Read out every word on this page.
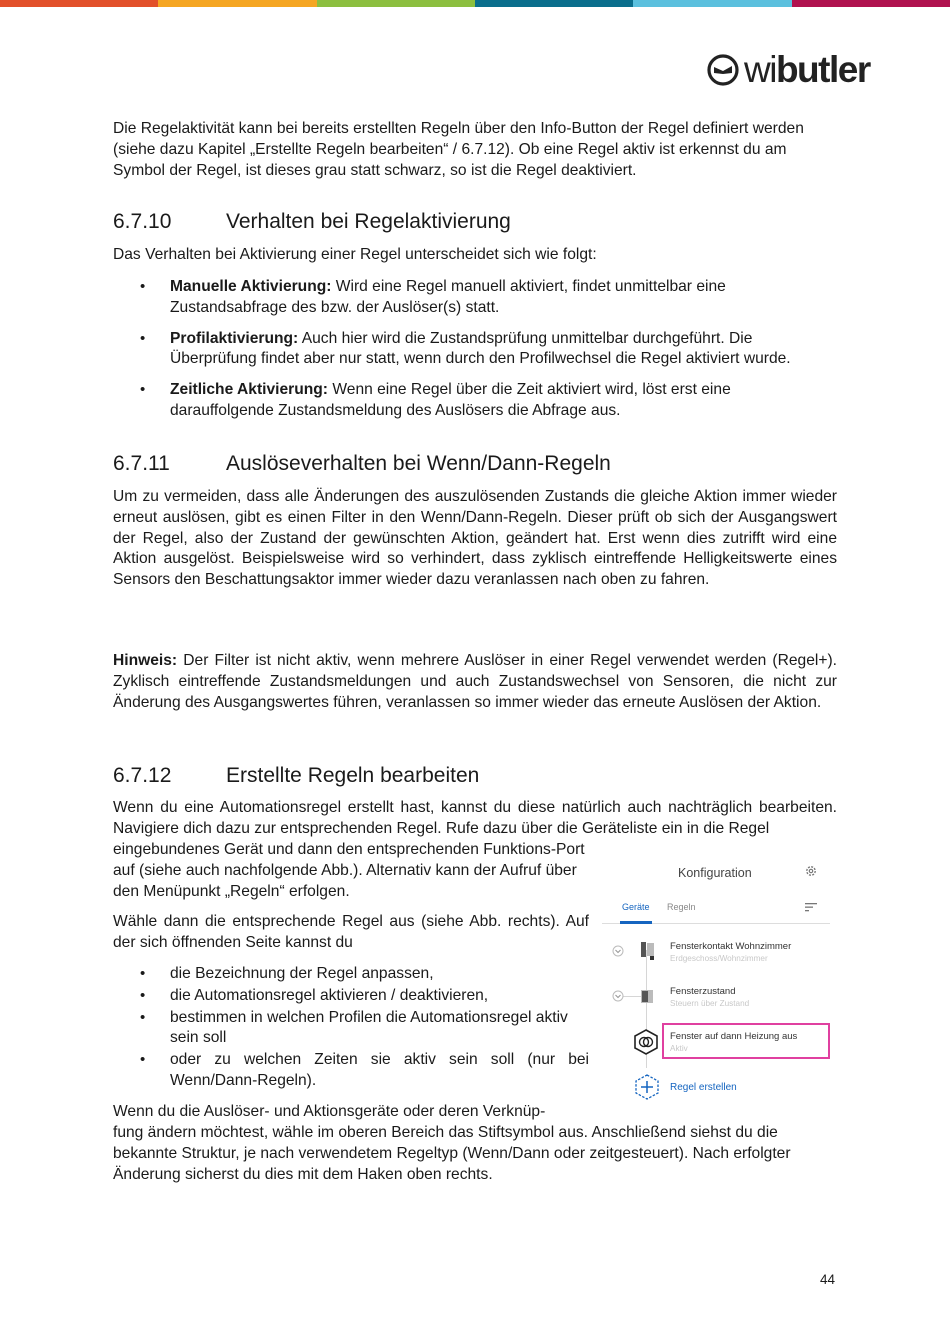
wibutler

Die Regelaktivität kann bei bereits erstellten Regeln über den Info-Button der Regel definiert werden (siehe dazu Kapitel „Erstellte Regeln bearbeiten“ / 6.7.12). Ob eine Regel aktiv ist erkennst du am Symbol der Regel, ist dieses grau statt schwarz, so ist die Regel deaktiviert.

6.7.10	Verhalten bei Regelaktivierung

Das Verhalten bei Aktivierung einer Regel unterscheidet sich wie folgt:

• Manuelle Aktivierung: Wird eine Regel manuell aktiviert, findet unmittelbar eine Zustandsabfrage des bzw. der Auslöser(s) statt.
• Profilaktivierung: Auch hier wird die Zustandsprüfung unmittelbar durchgeführt. Die Überprüfung findet aber nur statt, wenn durch den Profilwechsel die Regel aktiviert wurde.
• Zeitliche Aktivierung: Wenn eine Regel über die Zeit aktiviert wird, löst erst eine darauffolgende Zustandsmeldung des Auslösers die Abfrage aus.
6.7.11	Auslöseverhalten bei Wenn/Dann-Regeln

Um zu vermeiden, dass alle Änderungen des auszulösenden Zustands die gleiche Aktion immer wieder erneut auslösen, gibt es einen Filter in den Wenn/Dann-Regeln. Dieser prüft ob sich der Ausgangswert der Regel, also der Zustand der gewünschten Aktion, geändert hat. Erst wenn dies zutrifft wird eine Aktion ausgelöst. Beispielsweise wird so verhindert, dass zyklisch eintreffende Helligkeitswerte eines Sensors den Beschattungsaktor immer wieder dazu veranlassen nach oben zu fahren.

Hinweis: Der Filter ist nicht aktiv, wenn mehrere Auslöser in einer Regel verwendet werden (Regel+). Zyklisch eintreffende Zustandsmeldungen und auch Zustandswechsel von Sensoren, die nicht zur Änderung des Ausgangswertes führen, veranlassen so immer wieder das erneute Auslösen der Aktion.

6.7.12	Erstellte Regeln bearbeiten

Wenn du eine Automationsregel erstellt hast, kannst du diese natürlich auch nachträglich bearbeiten. Navigiere dich dazu zur entsprechenden Regel. Rufe dazu über die Geräteliste ein in die Regel

eingebundenes Gerät und dann den entsprechenden Funktions-Port auf (siehe auch nachfolgende Abb.). Alternativ kann der Aufruf über den Menüpunkt „Regeln“ erfolgen.

Wähle dann die entsprechende Regel aus (siehe Abb. rechts). Auf der sich öffnenden Seite kannst du

• die Bezeichnung der Regel anpassen,
• die Automationsregel aktivieren / deaktivieren,
• bestimmen in welchen Profilen die Automationsregel aktiv sein soll
• oder zu welchen Zeiten sie aktiv sein soll (nur bei Wenn/Dann-Regeln).

Wenn du die Auslöser- und Aktionsgeräte oder deren Verknüp-

fung ändern möchtest, wähle im oberen Bereich das Stiftsymbol aus. Anschließend siehst du die bekannte Struktur, je nach verwendetem Regeltyp (Wenn/Dann oder zeitgesteuert). Nach erfolgter Änderung sicherst du dies mit dem Haken oben rechts.

Konfiguration
Geräte Regeln
Fensterkontakt Wohnzimmer
Erdgeschoss/Wohnzimmer
Fensterzustand
Steuern über Zustand
Fenster auf dann Heizung aus
Aktiv
Regel erstellen
44
